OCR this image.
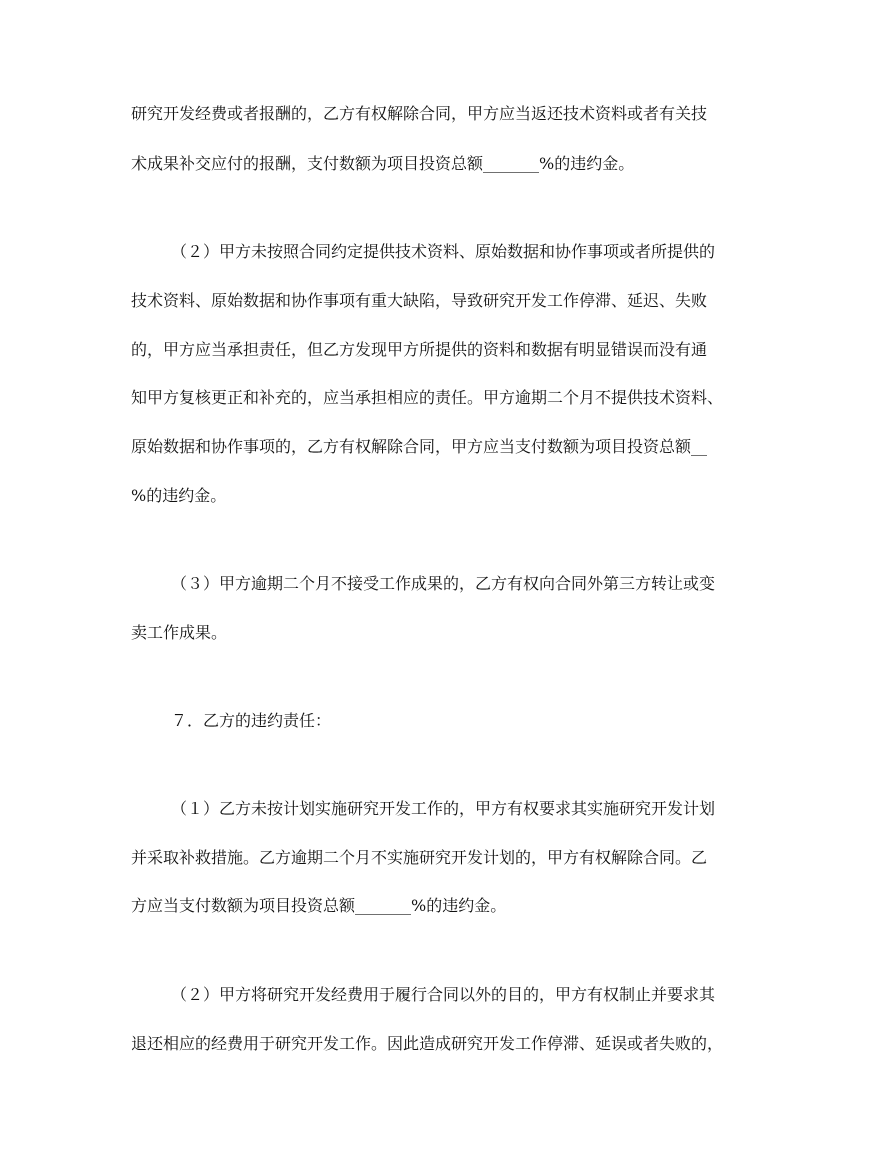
研究开发经费或者报酬的，乙方有权解除合同，甲方应当返还技术资料或者有关技

术成果补交应付的报酬，支付数额为项目投资总额_______%的违约金。

（２）甲方未按照合同约定提供技术资料、原始数据和协作事项或者所提供的

技术资料、原始数据和协作事项有重大缺陷，导致研究开发工作停滞、延迟、失败

的，甲方应当承担责任，但乙方发现甲方所提供的资料和数据有明显错误而没有通

知甲方复核更正和补充的，应当承担相应的责任。甲方逾期二个月不提供技术资料、

原始数据和协作事项的，乙方有权解除合同，甲方应当支付数额为项目投资总额__

%的违约金。

（３）甲方逾期二个月不接受工作成果的，乙方有权向合同外第三方转让或变

卖工作成果。

７．乙方的违约责任：

（１）乙方未按计划实施研究开发工作的，甲方有权要求其实施研究开发计划

并采取补救措施。乙方逾期二个月不实施研究开发计划的，甲方有权解除合同。乙

方应当支付数额为项目投资总额_______%的违约金。

（２）甲方将研究开发经费用于履行合同以外的目的，甲方有权制止并要求其

退还相应的经费用于研究开发工作。因此造成研究开发工作停滞、延误或者失败的，
